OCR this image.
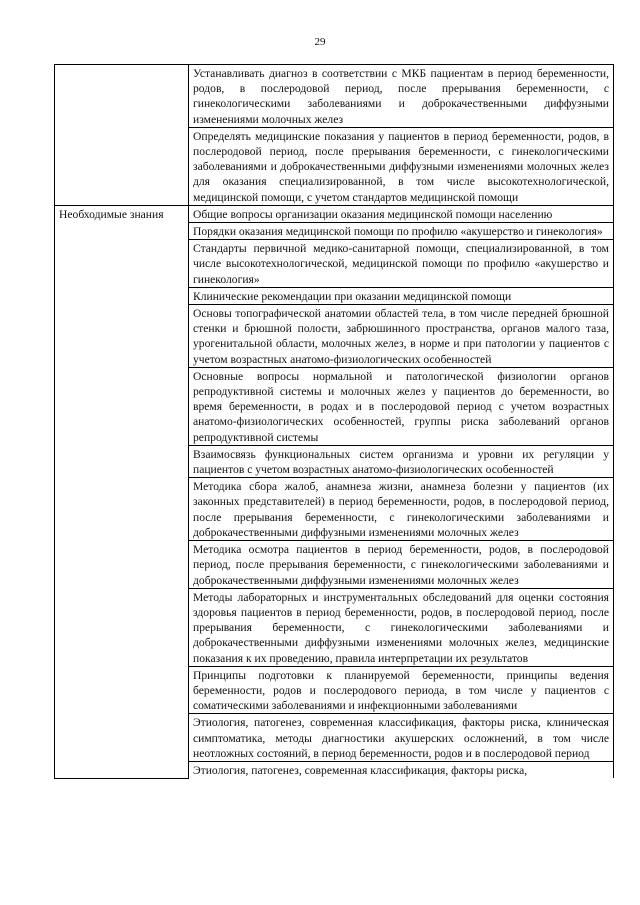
29
	Устанавливать диагноз в соответствии с МКБ пациентам в период беременности, родов, в послеродовой период, после прерывания беременности, с гинекологическими заболеваниями и доброкачественными диффузными изменениями молочных желез
	Определять медицинские показания у пациентов в период беременности, родов, в послеродовой период, после прерывания беременности, с гинекологическими заболеваниями и доброкачественными диффузными изменениями молочных желез для оказания специализированной, в том числе высокотехнологической, медицинской помощи, с учетом стандартов медицинской помощи
Необходимые знания	Общие вопросы организации оказания медицинской помощи населению
	Порядки оказания медицинской помощи по профилю «акушерство и гинекология»
	Стандарты первичной медико-санитарной помощи, специализированной, в том числе высокотехнологической, медицинской помощи по профилю «акушерство и гинекология»
	Клинические рекомендации при оказании медицинской помощи
	Основы топографической анатомии областей тела, в том числе передней брюшной стенки и брюшной полости, забрюшинного пространства, органов малого таза, урогенитальной области, молочных желез, в норме и при патологии у пациентов с учетом возрастных анатомо-физиологических особенностей
	Основные вопросы нормальной и патологической физиологии органов репродуктивной системы и молочных желез у пациентов до беременности, во время беременности, в родах и в послеродовой период с учетом возрастных анатомо-физиологических особенностей, группы риска заболеваний органов репродуктивной системы
	Взаимосвязь функциональных систем организма и уровни их регуляции у пациентов с учетом возрастных анатомо-физиологических особенностей
	Методика сбора жалоб, анамнеза жизни, анамнеза болезни у пациентов (их законных представителей) в период беременности, родов, в послеродовой период, после прерывания беременности, с гинекологическими заболеваниями и доброкачественными диффузными изменениями молочных желез
	Методика осмотра пациентов в период беременности, родов, в послеродовой период, после прерывания беременности, с гинекологическими заболеваниями и доброкачественными диффузными изменениями молочных желез
	Методы лабораторных и инструментальных обследований для оценки состояния здоровья пациентов в период беременности, родов, в послеродовой период, после прерывания беременности, с гинекологическими заболеваниями и доброкачественными диффузными изменениями молочных желез, медицинские показания к их проведению, правила интерпретации их результатов
	Принципы подготовки к планируемой беременности, принципы ведения беременности, родов и послеродового периода, в том числе у пациентов с соматическими заболеваниями и инфекционными заболеваниями
	Этиология, патогенез, современная классификация, факторы риска, клиническая симптоматика, методы диагностики акушерских осложнений, в том числе неотложных состояний, в период беременности, родов и в послеродовой период
	Этиология, патогенез, современная классификация, факторы риска,
